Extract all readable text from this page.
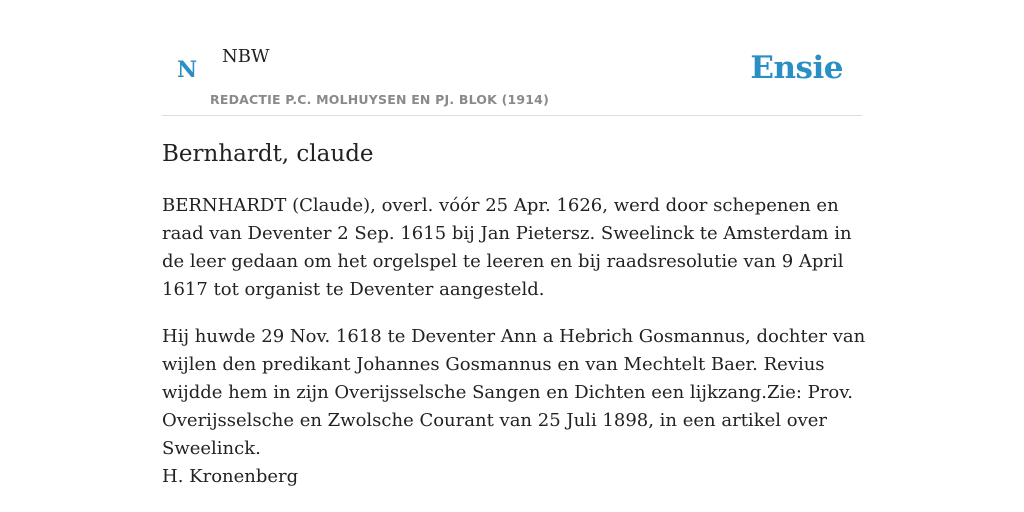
N
NBW
REDACTIE P.C. MOLHUYSEN EN PJ. BLOK (1914)
Ensie
Bernhardt, claude

BERNHARDT (Claude), overl. vóór 25 Apr. 1626, werd door schepenen en raad van Deventer 2 Sep. 1615 bij Jan Pietersz. Sweelinck te Amsterdam in de leer gedaan om het orgelspel te leeren en bij raadsresolutie van 9 April 1617 tot organist te Deventer aangesteld.

Hij huwde 29 Nov. 1618 te Deventer Ann a Hebrich Gosmannus, dochter van wijlen den predikant Johannes Gosmannus en van Mechtelt Baer. Revius wijdde hem in zijn Overijsselsche Sangen en Dichten een lijkzang.Zie: Prov. Overijsselsche en Zwolsche Courant van 25 Juli 1898, in een artikel over Sweelinck.

H. Kronenberg
